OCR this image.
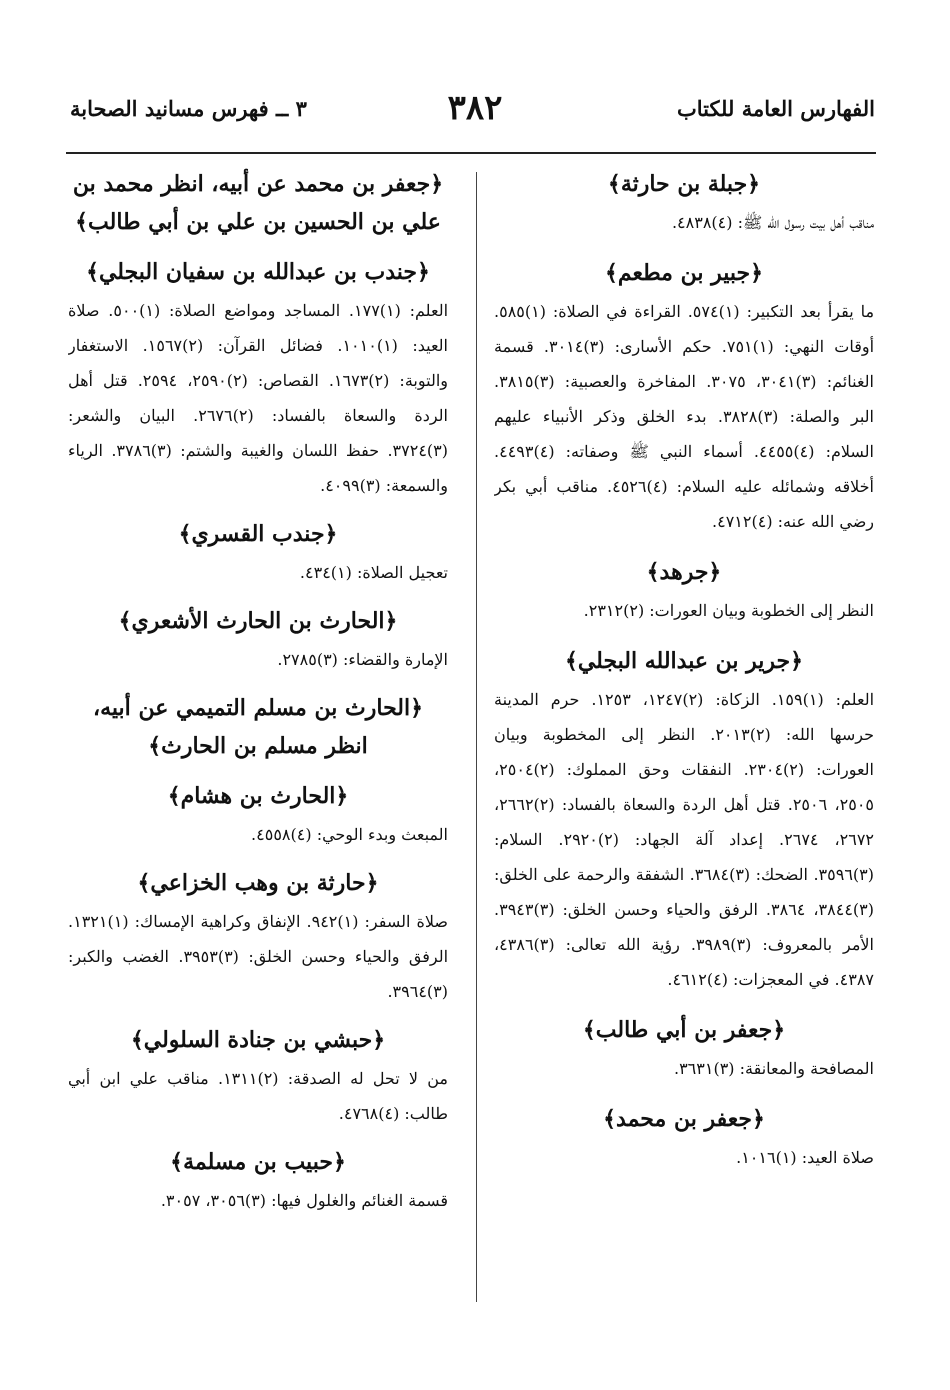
الفهارس العامة للكتاب
٣٨٢
٣ ــ فهرس مسانيد الصحابة
﴿جبلة بن حارثة﴾

مناقب أهل بيت رسول الله ﷺ: (٤)٤٨٣٨.

﴿جبير بن مطعم﴾

ما يقرأ بعد التكبير: (١)٥٧٤. القراءة في الصلاة: (١)٥٨٥. أوقات النهي: (١)٧٥١. حكم الأسارى: (٣)٣٠١٤. قسمة الغنائم: (٣)٣٠٤١، ٣٠٧٥. المفاخرة والعصبية: (٣)٣٨١٥. البر والصلة: (٣)٣٨٢٨. بدء الخلق وذكر الأنبياء عليهم السلام: (٤)٤٤٥٥. أسماء النبي ﷺ وصفاته: (٤)٤٤٩٣. أخلاقه وشمائله عليه السلام: (٤)٤٥٢٦. مناقب أبي بكر رضي الله عنه: (٤)٤٧١٢.

﴿جرهد﴾

النظر إلى الخطوبة وبيان العورات: (٢)٢٣١٢.

﴿جرير بن عبدالله البجلي﴾

العلم: (١)١٥٩. الزكاة: (٢)١٢٤٧، ١٢٥٣. حرم المدينة حرسها الله: (٢)٢٠١٣. النظر إلى المخطوبة وبيان العورات: (٢)٢٣٠٤. النفقات وحق المملوك: (٢)٢٥٠٤، ٢٥٠٥، ٢٥٠٦. قتل أهل الردة والسعاة بالفساد: (٢)٢٦٦٢، ٢٦٧٢، ٢٦٧٤. إعداد آلة الجهاد: (٢)٢٩٢٠. السلام: (٣)٣٥٩٦. الضحك: (٣)٣٦٨٤. الشفقة والرحمة على الخلق: (٣)٣٨٤٤، ٣٨٦٤. الرفق والحياء وحسن الخلق: (٣)٣٩٤٣. الأمر بالمعروف: (٣)٣٩٨٩. رؤية الله تعالى: (٣)٤٣٨٦، ٤٣٨٧. في المعجزات: (٤)٤٦١٢.

﴿جعفر بن أبي طالب﴾

المصافحة والمعانقة: (٣)٣٦٣١.

﴿جعفر بن محمد﴾

صلاة العيد: (١)١٠١٦.

﴿جعفر بن محمد عن أبيه، انظر محمد بن علي بن الحسين بن علي بن أبي طالب﴾
﴿جندب بن عبدالله بن سفيان البجلي﴾

العلم: (١)١٧٧. المساجد ومواضع الصلاة: (١)٥٠٠. صلاة العيد: (١)١٠١٠. فضائل القرآن: (٢)١٥٦٧. الاستغفار والتوبة: (٢)١٦٧٣. القصاص: (٢)٢٥٩٠، ٢٥٩٤. قتل أهل الردة والسعاة بالفساد: (٢)٢٦٧٦. البيان والشعر: (٣)٣٧٢٤. حفظ اللسان والغيبة والشتم: (٣)٣٧٨٦. الرياء والسمعة: (٣)٤٠٩٩.

﴿جندب القسري﴾

تعجيل الصلاة: (١)٤٣٤.

﴿الحارث بن الحارث الأشعري﴾

الإمارة والقضاء: (٣)٢٧٨٥.

﴿الحارث بن مسلم التميمي عن أبيه، انظر مسلم بن الحارث﴾
﴿الحارث بن هشام﴾

المبعث وبدء الوحي: (٤)٤٥٥٨.

﴿حارثة بن وهب الخزاعي﴾

صلاة السفر: (١)٩٤٢. الإنفاق وكراهية الإمساك: (١)١٣٢١. الرفق والحياء وحسن الخلق: (٣)٣٩٥٣. الغضب والكبر: (٣)٣٩٦٤.

﴿حبشي بن جنادة السلولي﴾

من لا تحل له الصدقة: (٢)١٣١١. مناقب علي ابن أبي طالب: (٤)٤٧٦٨.

﴿حبيب بن مسلمة﴾

قسمة الغنائم والغلول فيها: (٣)٣٠٥٦، ٣٠٥٧.
